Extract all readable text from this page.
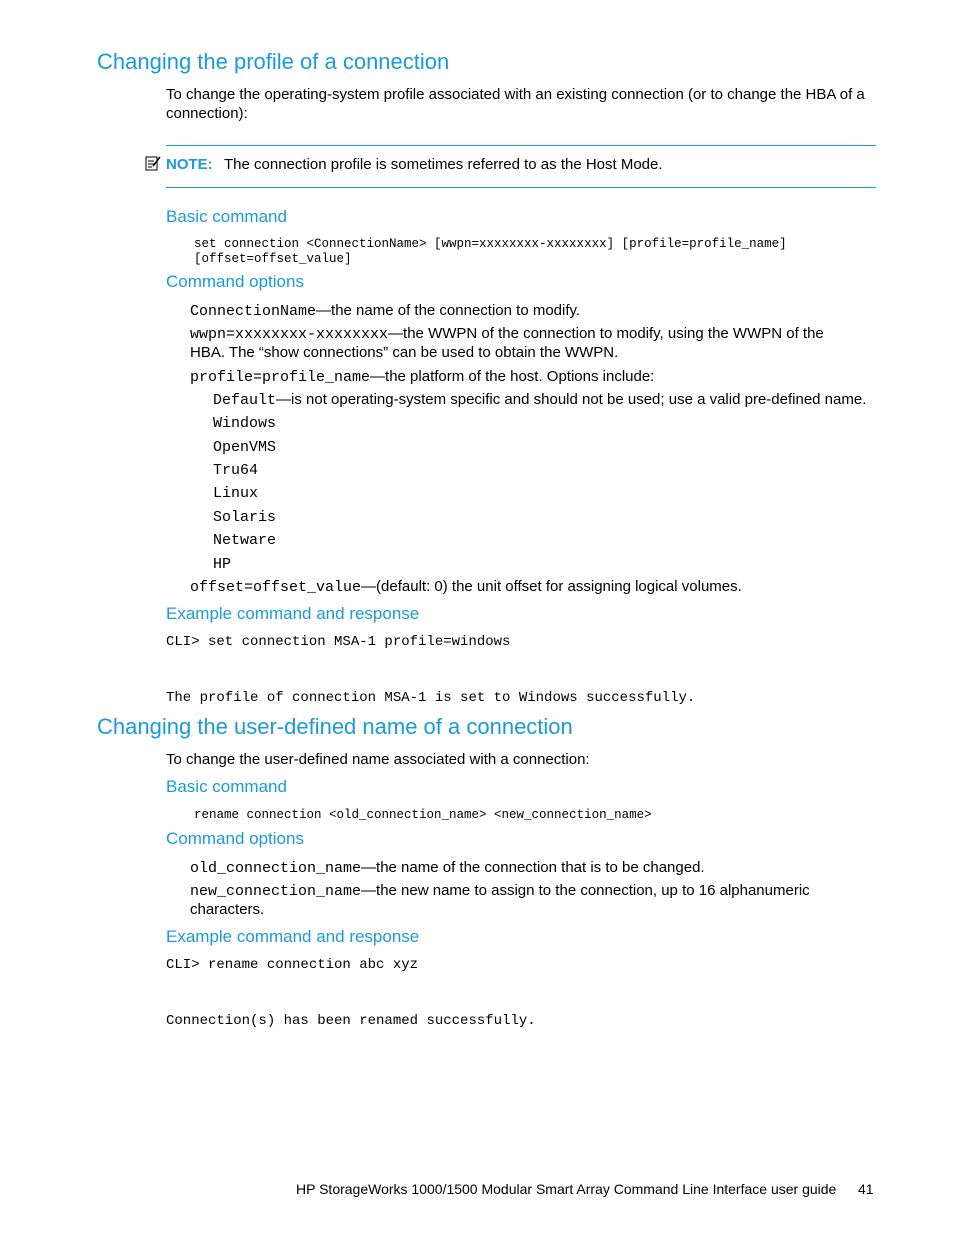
Changing the profile of a connection
To change the operating-system profile associated with an existing connection (or to change the HBA of a connection):
NOTE: The connection profile is sometimes referred to as the Host Mode.
Basic command
set connection <ConnectionName> [wwpn=xxxxxxxx-xxxxxxxx] [profile=profile_name]
[offset=offset_value]
Command options
ConnectionName—the name of the connection to modify.
wwpn=xxxxxxxx-xxxxxxxx—the WWPN of the connection to modify, using the WWPN of the
HBA. The “show connections” can be used to obtain the WWPN.
profile=profile_name—the platform of the host. Options include:
Default—is not operating-system specific and should not be used; use a valid pre-defined name.
Windows
OpenVMS
Tru64
Linux
Solaris
Netware
HP
offset=offset_value—(default: 0) the unit offset for assigning logical volumes.
Example command and response
CLI> set connection MSA-1 profile=windows
The profile of connection MSA-1 is set to Windows successfully.
Changing the user-defined name of a connection
To change the user-defined name associated with a connection:
Basic command
rename connection <old_connection_name> <new_connection_name>
Command options
old_connection_name—the name of the connection that is to be changed.
new_connection_name—the new name to assign to the connection, up to 16 alphanumeric
characters.
Example command and response
CLI> rename connection abc xyz
Connection(s) has been renamed successfully.
HP StorageWorks 1000/1500 Modular Smart Array Command Line Interface user guide 41
